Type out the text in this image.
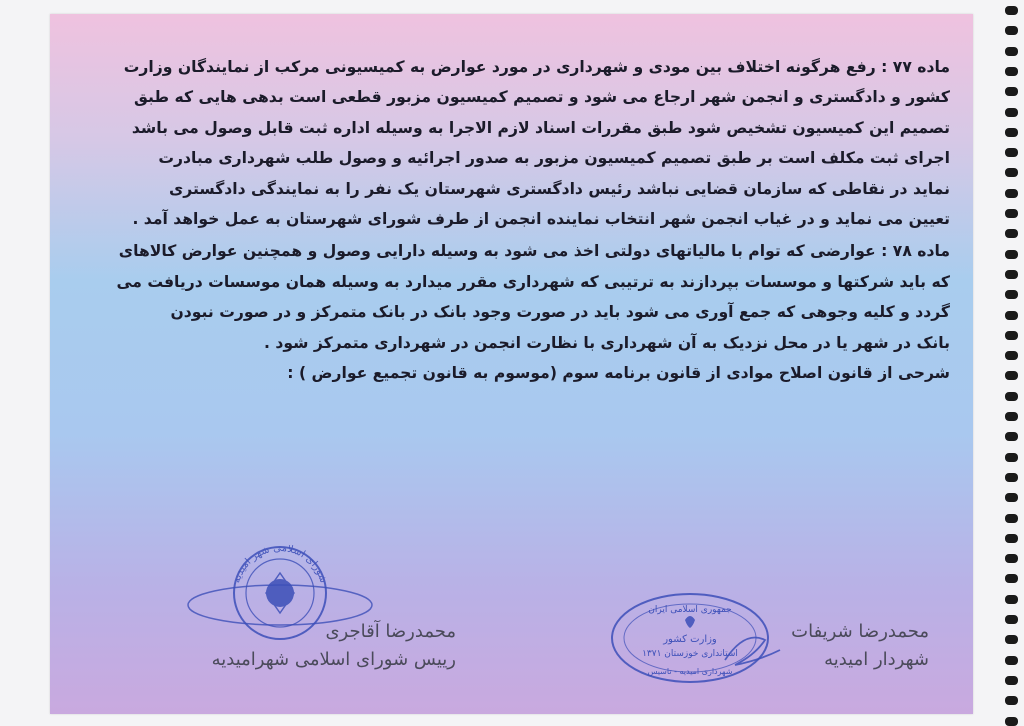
ماده ۷۷ : رفع هرگونه اختلاف بین مودی و شهرداری در مورد عوارض به کمیسیونی مرکب از نمایندگان وزارت
کشور و دادگستری و انجمن شهر ارجاع می شود و تصمیم کمیسیون مزبور قطعی است بدهی هایی که طبق
تصمیم این کمیسیون تشخیص شود طبق مقررات اسناد لازم الاجرا به وسیله اداره ثبت قابل وصول می باشد
اجرای ثبت مکلف است بر طبق تصمیم کمیسیون مزبور به صدور اجرائیه و وصول طلب شهرداری مبادرت
نماید در نقاطی که سازمان قضایی نباشد رئیس دادگستری شهرستان یک نفر را به نمایندگی دادگستری
تعیین می نماید و در غیاب انجمن شهر انتخاب نماینده انجمن از طرف شورای شهرستان به عمل خواهد آمد .
ماده ۷۸ : عوارضی که توام با مالیاتهای دولتی اخذ می شود به وسیله دارایی وصول و همچنین عوارض کالاهای
که باید شرکتها و موسسات بپردازند به ترتیبی که شهرداری مقرر میدارد به وسیله همان موسسات دریافت می
گردد و کلیه وجوهی که جمع آوری می شود باید در صورت وجود بانک در بانک متمرکز و در صورت نبودن
بانک در شهر یا در محل نزدیک به آن شهرداری با نظارت انجمن در شهرداری متمرکز شود .
شرحی از قانون اصلاح موادی از قانون برنامه سوم (موسوم به قانون تجمیع عوارض ) :
شورای اسلامی شهر امیدیه
جمهوری اسلامی ایران
وزارت کشور
استانداری خوزستان ۱۳۷۱
شهرداری امیدیه - تاسیس
محمدرضا شریفات
شهردار امیدیه
محمدرضا آقاجری
رییس شورای اسلامی شهرامیدیه
